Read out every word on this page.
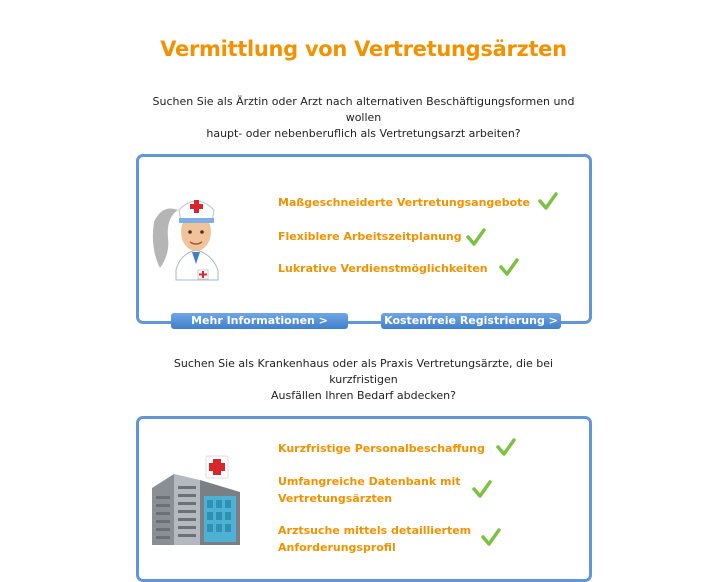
Vermittlung von Vertretungsärzten
Suchen Sie als Ärztin oder Arzt nach alternativen Beschäftigungsformen und wollen
haupt- oder nebenberuflich als Vertretungsarzt arbeiten?
Maßgeschneiderte Vertretungsangebote
Flexiblere Arbeitszeitplanung
Lukrative Verdienstmöglichkeiten
Mehr Informationen >	Kostenfreie Registrierung >
Suchen Sie als Krankenhaus oder als Praxis Vertretungsärzte, die bei kurzfristigen
Ausfällen Ihren Bedarf abdecken?
Kurzfristige Personalbeschaffung
Umfangreiche Datenbank mit
Vertretungsärzten
Arztsuche mittels detailliertem
Anforderungsprofil
